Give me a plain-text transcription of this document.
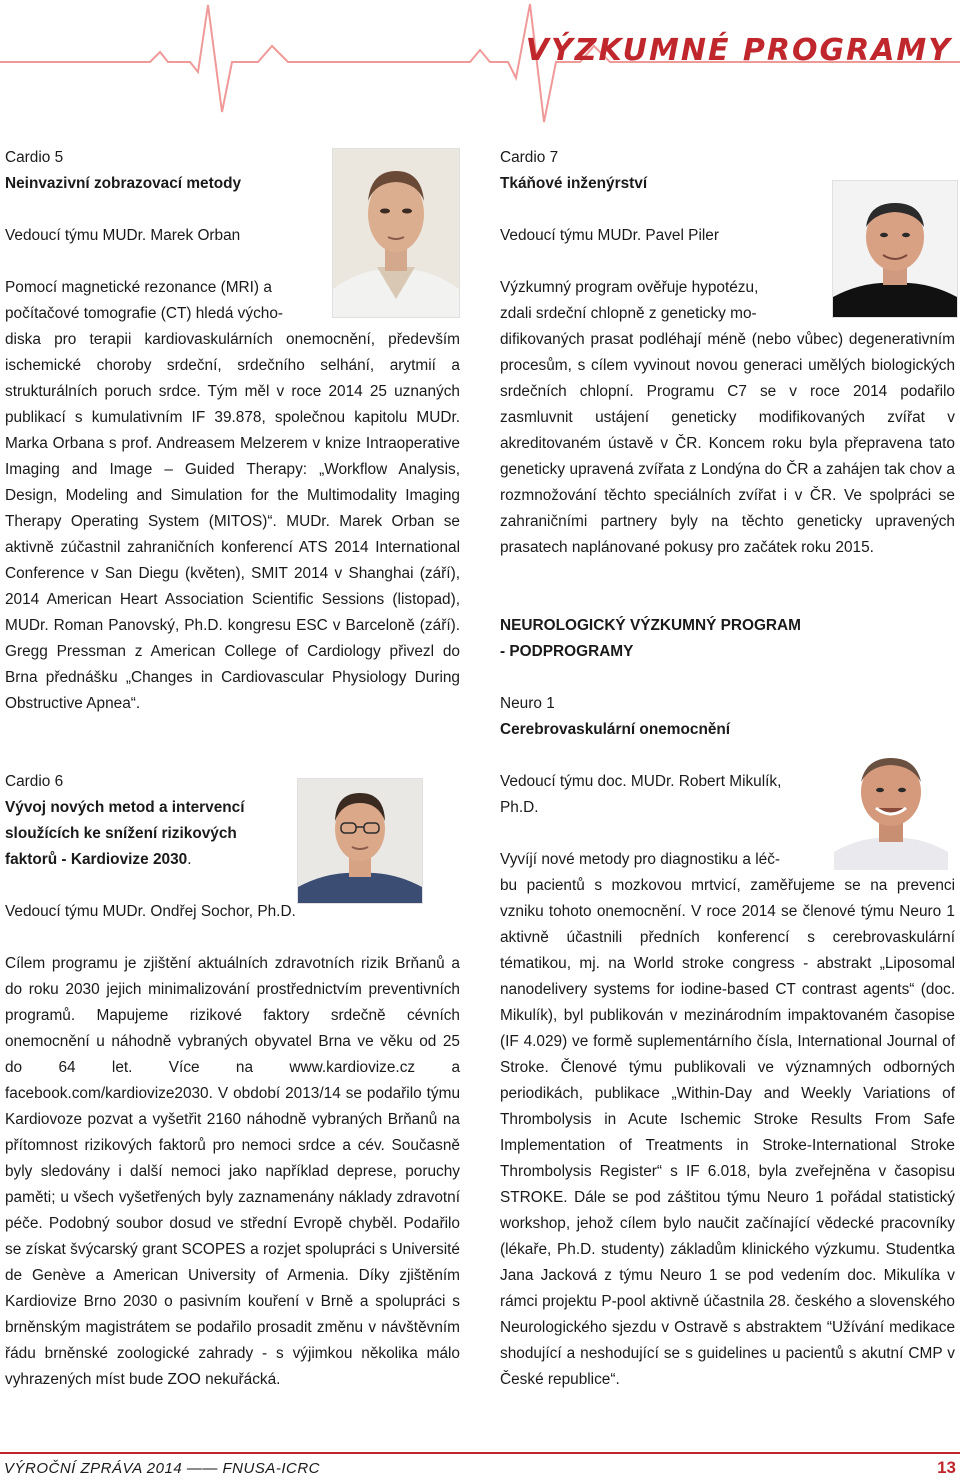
VÝZKUMNÉ PROGRAMY

Cardio 5

Neinvazivní zobrazovací metody

Vedoucí týmu MUDr. Marek Orban

Pomocí magnetické rezonance (MRI) a

počítačové tomografie (CT) hledá výcho-

diska pro terapii kardiovaskulárních onemocnění, především ischemické choroby srdeční, srdečního selhání, arytmií a strukturálních poruch srdce. Tým měl v roce 2014 25 uznaných publikací s kumulativním IF 39.878, společnou kapitolu MUDr. Marka Orbana s prof. Andreasem Melzerem v knize Intraoperative Imaging and Image – Guided Therapy: „Workflow Analysis, Design, Modeling and Simulation for the Multimodality Imaging Therapy Operating System (MITOS)“. MUDr. Marek Orban se aktivně zúčastnil zahraničních konferencí ATS 2014 International Conference v San Diegu (květen), SMIT 2014 v Shanghai (září), 2014 American Heart Association Scientific Sessions (listopad), MUDr. Roman Panovský, Ph.D. kongresu ESC v Barceloně (září). Gregg Pressman z American College of Cardiology přivezl do Brna přednášku „Changes in Cardiovascular Physiology During Obstructive Apnea“.

Cardio 6

Vývoj nových metod a intervencí

sloužících ke snížení rizikových

faktorů - Kardiovize 2030.

Vedoucí týmu MUDr. Ondřej Sochor, Ph.D.

Cílem programu je zjištění aktuálních zdravotních rizik Brňanů a do roku 2030 jejich minimalizování prostřednictvím preventivních programů. Mapujeme rizikové faktory srdečně cévních onemocnění u náhodně vybraných obyvatel Brna ve věku od 25 do 64 let. Více na www.kardiovize.cz a facebook.com/kardiovize2030. V období 2013/14 se podařilo týmu Kardiovoze pozvat a vyšetřit 2160 náhodně vybraných Brňanů na přítomnost rizikových faktorů pro nemoci srdce a cév. Současně byly sledovány i další nemoci jako například deprese, poruchy paměti; u všech vyšetřených byly zaznamenány náklady zdravotní péče. Podobný soubor dosud ve střední Evropě chyběl. Podařilo se získat švýcarský grant SCOPES a rozjet spolupráci s Université de Genève a American University of Armenia. Díky zjištěním Kardiovize Brno 2030 o pasivním kouření v Brně a spolupráci s brněnským magistrátem se podařilo prosadit změnu v návštěvním řádu brněnské zoologické zahrady - s výjimkou několika málo vyhrazených míst bude ZOO nekuřácká.

Cardio 7

Tkáňové inženýrství

Vedoucí týmu MUDr. Pavel Piler

Výzkumný program ověřuje hypotézu,

zdali srdeční chlopně z geneticky mo-

difikovaných prasat podléhají méně (nebo vůbec) degenerativním procesům, s cílem vyvinout novou generaci umělých biologických srdečních chlopní. Programu C7 se v roce 2014 podařilo zasmluvnit ustájení geneticky modifikovaných zvířat v akreditovaném ústavě v ČR. Koncem roku byla přepravena tato geneticky upravená zvířata z Londýna do ČR a zahájen tak chov a rozmnožování těchto speciálních zvířat i v ČR. Ve spolpráci se zahraničními partnery byly na těchto geneticky upravených prasatech naplánované pokusy pro začátek roku 2015.

NEUROLOGICKÝ VÝZKUMNÝ PROGRAM

- PODPROGRAMY

Neuro 1

Cerebrovaskulární onemocnění

Vedoucí týmu doc. MUDr. Robert Mikulík,

Ph.D.

Vyvíjí nové metody pro diagnostiku a léč-

bu pacientů s mozkovou mrtvicí, zaměřujeme se na prevenci vzniku tohoto onemocnění. V roce 2014 se členové týmu Neuro 1 aktivně účastnili předních konferencí s cerebrovaskulární tématikou, mj. na World stroke congress - abstrakt „Liposomal nanodelivery systems for iodine-based CT contrast agents“ (doc. Mikulík), byl publikován v mezinárodním impaktovaném časopise (IF 4.029) ve formě suplementárního čísla, International Journal of Stroke. Členové týmu publikovali ve významných odborných periodikách, publikace „Within-Day and Weekly Variations of Thrombolysis in Acute Ischemic Stroke Results From Safe Implementation of Treatments in Stroke-International Stroke Thrombolysis Register“ s IF 6.018, byla zveřejněna v časopisu STROKE. Dále se pod záštitou týmu Neuro 1 pořádal statistický workshop, jehož cílem bylo naučit začínající vědecké pracovníky (lékaře, Ph.D. studenty) základům klinického výzkumu. Studentka Jana Jacková z týmu Neuro 1 se pod vedením doc. Mikulíka v rámci projektu P-pool aktivně účastnila 28. českého a slovenského Neurologického sjezdu v Ostravě s abstraktem “Užívání medikace shodující a neshodující se s guidelines u pacientů s akutní CMP v České republice“.

VÝROČNÍ ZPRÁVA 2014 —— FNUSA-ICRC	13
